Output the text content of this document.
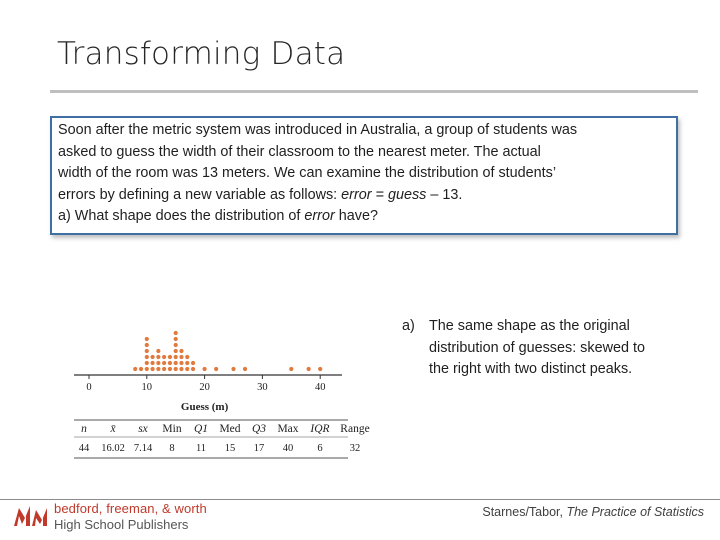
Transforming Data

Soon after the metric system was introduced in Australia, a group of students was

asked to guess the width of their classroom to the nearest meter. The actual

width of the room was 13 meters. We can examine the distribution of students’

errors by defining a new variable as follows: error = guess – 13.

a) What shape does the distribution of error have?

0	10	20	30	40
Guess (m)
n x̄ sx Min Q1 Med Q3 Max IQR Range
44 16.02 7.14 8 11 15 17 40 6	32
a) The same shape as the original
distribution of guesses: skewed to
the right with two distinct peaks.
bedford, freeman, & worth
High School Publishers
Starnes/Tabor, The Practice of Statistics
